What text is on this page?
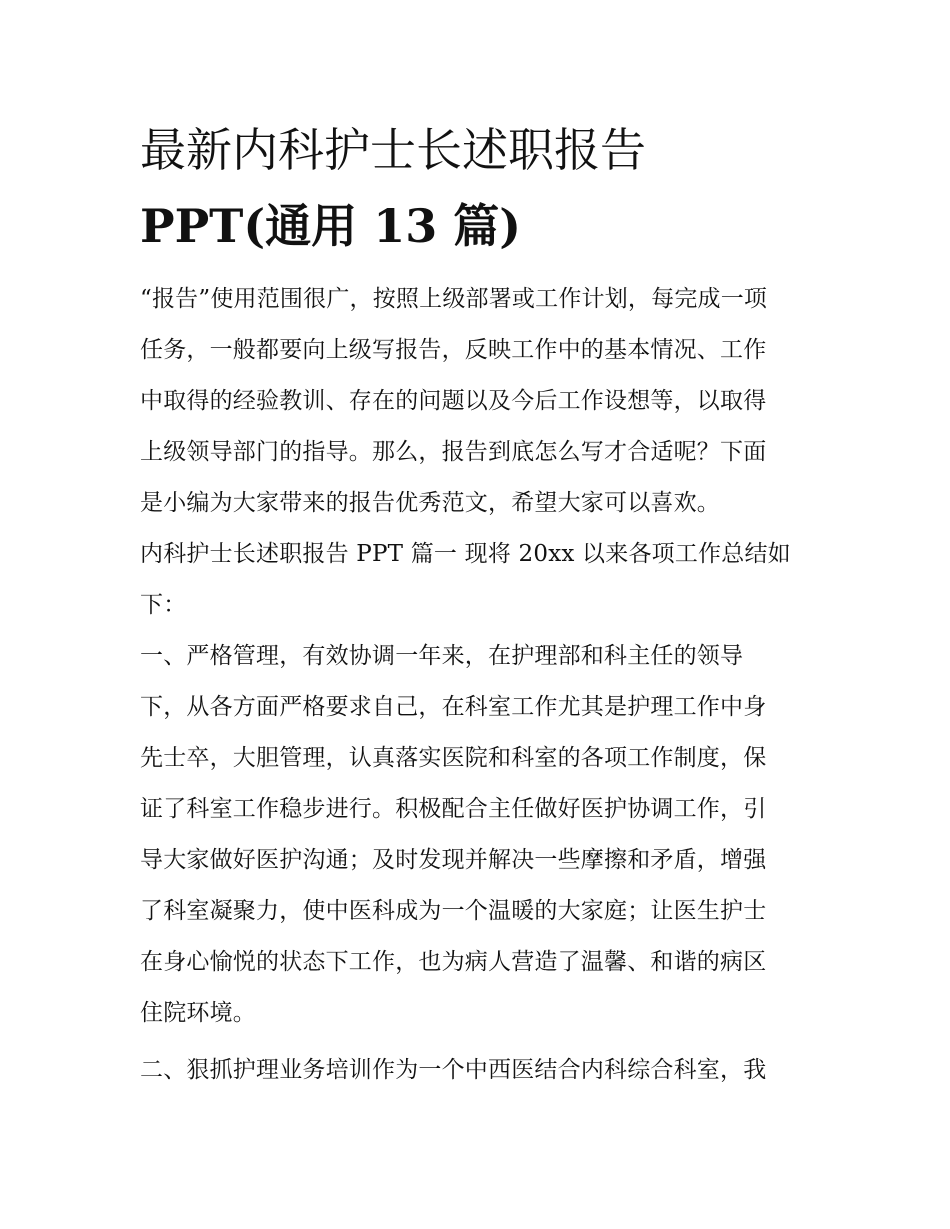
最新内科护士长述职报告
PPT(通用 13 篇)

“报告”使用范围很广，按照上级部署或工作计划，每完成一项
任务，一般都要向上级写报告，反映工作中的基本情况、工作
中取得的经验教训、存在的问题以及今后工作设想等，以取得
上级领导部门的指导。那么，报告到底怎么写才合适呢？下面
是小编为大家带来的报告优秀范文，希望大家可以喜欢。

内科护士长述职报告 PPT 篇一 现将 20xx 以来各项工作总结如
下：

一、严格管理，有效协调一年来，在护理部和科主任的领导
下，从各方面严格要求自己，在科室工作尤其是护理工作中身
先士卒，大胆管理，认真落实医院和科室的各项工作制度，保
证了科室工作稳步进行。积极配合主任做好医护协调工作，引
导大家做好医护沟通；及时发现并解决一些摩擦和矛盾，增强
了科室凝聚力，使中医科成为一个温暖的大家庭；让医生护士
在身心愉悦的状态下工作，也为病人营造了温馨、和谐的病区
住院环境。

二、狠抓护理业务培训作为一个中西医结合内科综合科室，我
